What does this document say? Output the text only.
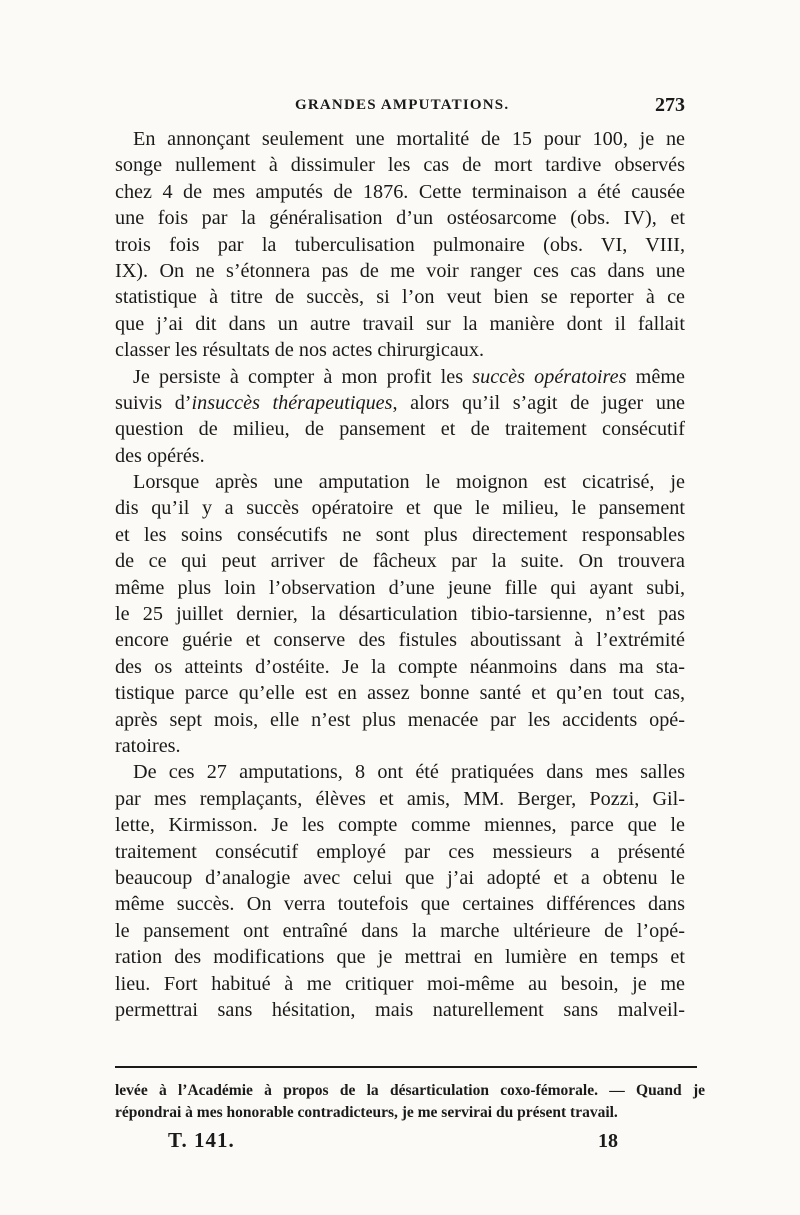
GRANDES AMPUTATIONS.	273
En annonçant seulement une mortalité de 15 pour 100, je ne
songe nullement à dissimuler les cas de mort tardive observés
chez 4 de mes amputés de 1876. Cette terminaison a été causée
une fois par la généralisation d’un ostéosarcome (obs. IV), et
trois fois par la tuberculisation pulmonaire (obs. VI, VIII,
IX). On ne s’étonnera pas de me voir ranger ces cas dans une
statistique à titre de succès, si l’on veut bien se reporter à ce
que j’ai dit dans un autre travail sur la manière dont il fallait
classer les résultats de nos actes chirurgicaux.
Je persiste à compter à mon profit les succès opératoires même
suivis d’insuccès thérapeutiques, alors qu’il s’agit de juger une
question de milieu, de pansement et de traitement consécutif
des opérés.
Lorsque après une amputation le moignon est cicatrisé, je
dis qu’il y a succès opératoire et que le milieu, le pansement
et les soins consécutifs ne sont plus directement responsables
de ce qui peut arriver de fâcheux par la suite. On trouvera
même plus loin l’observation d’une jeune fille qui ayant subi,
le 25 juillet dernier, la désarticulation tibio-tarsienne, n’est pas
encore guérie et conserve des fistules aboutissant à l’extrémité
des os atteints d’ostéite. Je la compte néanmoins dans ma sta-
tistique parce qu’elle est en assez bonne santé et qu’en tout cas,
après sept mois, elle n’est plus menacée par les accidents opé-
ratoires.
De ces 27 amputations, 8 ont été pratiquées dans mes salles
par mes remplaçants, élèves et amis, MM. Berger, Pozzi, Gil-
lette, Kirmisson. Je les compte comme miennes, parce que le
traitement consécutif employé par ces messieurs a présenté
beaucoup d’analogie avec celui que j’ai adopté et a obtenu le
même succès. On verra toutefois que certaines différences dans
le pansement ont entraîné dans la marche ultérieure de l’opé-
ration des modifications que je mettrai en lumière en temps et
lieu. Fort habitué à me critiquer moi-même au besoin, je me
permettrai sans hésitation, mais naturellement sans malveil-
levée à l’Académie à propos de la désarticulation coxo-fémorale. — Quand je
répondrai à mes honorable contradicteurs, je me servirai du présent travail.
T. 141.	18
